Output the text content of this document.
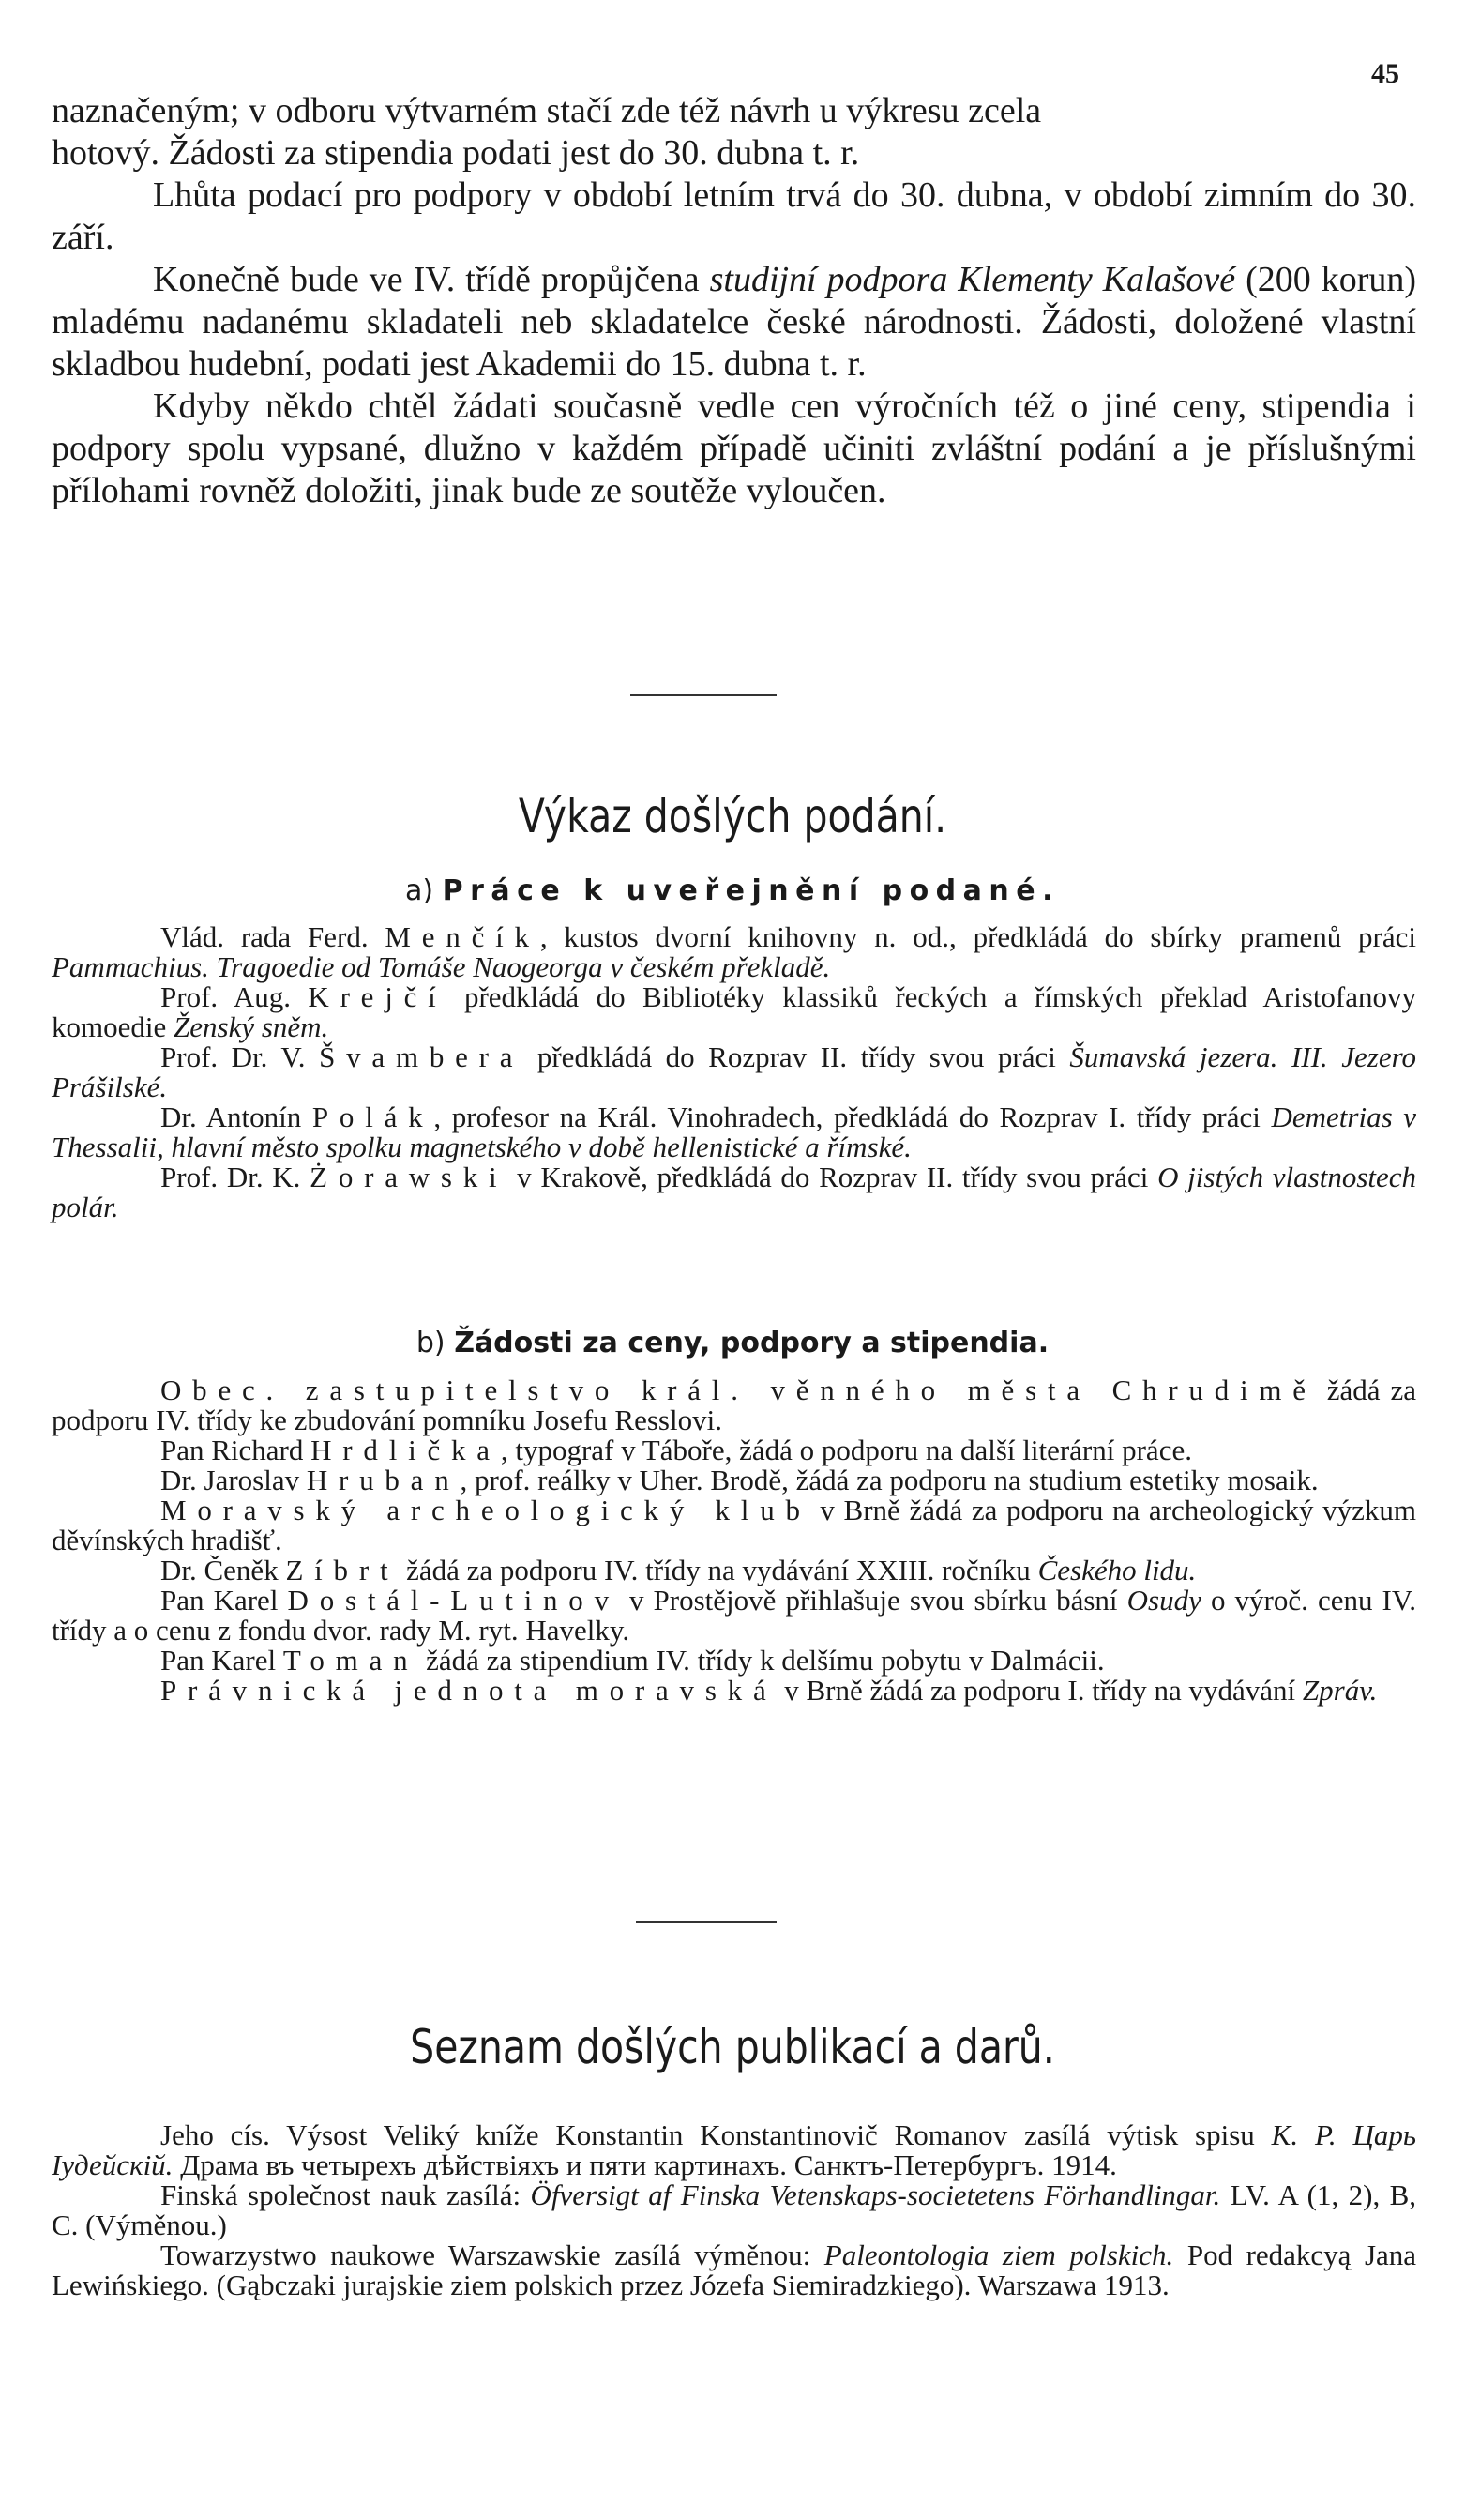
45

naznačeným; v odboru výtvarném stačí zde též návrh u výkresu zcela
hotový. Žádosti za stipendia podati jest do 30. dubna t. r.

Lhůta podací pro podpory v období letním trvá do 30. dubna, v období zimním do 30. září.

Konečně bude ve IV. třídě propůjčena studijní podpora Klementy Kalašové (200 korun) mladému nadanému skladateli neb skladatelce české národnosti. Žádosti, doložené vlastní skladbou hudební, podati jest Akademii do 15. dubna t. r.

Kdyby někdo chtěl žádati současně vedle cen výročních též o jiné ceny, stipendia i podpory spolu vypsané, dlužno v každém případě učiniti zvláštní podání a je příslušnými přílohami rovněž doložiti, jinak bude ze soutěže vyloučen.

Výkaz došlých podání.
a) Práce k uveřejnění podané.

Vlád. rada Ferd. Menčík, kustos dvorní knihovny n. od., předkládá do sbírky pramenů práci Pammachius. Tragoedie od Tomáše Naogeorga v českém překladě.

Prof. Aug. Krejčí předkládá do Bibliotéky klassiků řeckých a římských překlad Aristofanovy komoedie Ženský sněm.

Prof. Dr. V. Švambera předkládá do Rozprav II. třídy svou práci Šumavská jezera. III. Jezero Prášilské.

Dr. Antonín Polák, profesor na Král. Vinohradech, předkládá do Rozprav I. třídy práci Demetrias v Thessalii, hlavní město spolku magnetského v době hellenistické a římské.

Prof. Dr. K. Żorawski v Krakově, předkládá do Rozprav II. třídy svou práci O jistých vlastnostech polár.

b) Žádosti za ceny, podpory a stipendia.

Obec. zastupitelstvo král. věnného města Chrudimě žádá za podporu IV. třídy ke zbudování pomníku Josefu Resslovi.

Pan Richard Hrdlička, typograf v Táboře, žádá o podporu na další literární práce.

Dr. Jaroslav Hruban, prof. reálky v Uher. Brodě, žádá za podporu na studium estetiky mosaik.

Moravský archeologický klub v Brně žádá za podporu na archeologický výzkum děvínských hradišť.

Dr. Čeněk Zíbrt žádá za podporu IV. třídy na vydávání XXIII. ročníku Českého lidu.

Pan Karel Dostál-Lutinov v Prostějově přihlašuje svou sbírku básní Osudy o výroč. cenu IV. třídy a o cenu z fondu dvor. rady M. ryt. Havelky.

Pan Karel Toman žádá za stipendium IV. třídy k delšímu pobytu v Dalmácii.

Právnická jednota moravská v Brně žádá za podporu I. třídy na vydávání Zpráv.

Seznam došlých publikací a darů.

Jeho cís. Výsost Veliký kníže Konstantin Konstantinovič Romanov zasílá výtisk spisu K. P. Царь Іудейскій. Драма въ четырехъ дѣйствіяхъ и пяти картинахъ. Санктъ-Петербургъ. 1914.

Finská společnost nauk zasílá: Öfversigt af Finska Vetenskaps-societetens Förhandlingar. LV. A (1, 2), B, C. (Výměnou.)

Towarzystwo naukowe Warszawskie zasílá výměnou: Paleontologia ziem polskich. Pod redakcyą Jana Lewińskiego. (Gąbczaki jurajskie ziem polskich przez Józefa Siemiradzkiego). Warszawa 1913.
